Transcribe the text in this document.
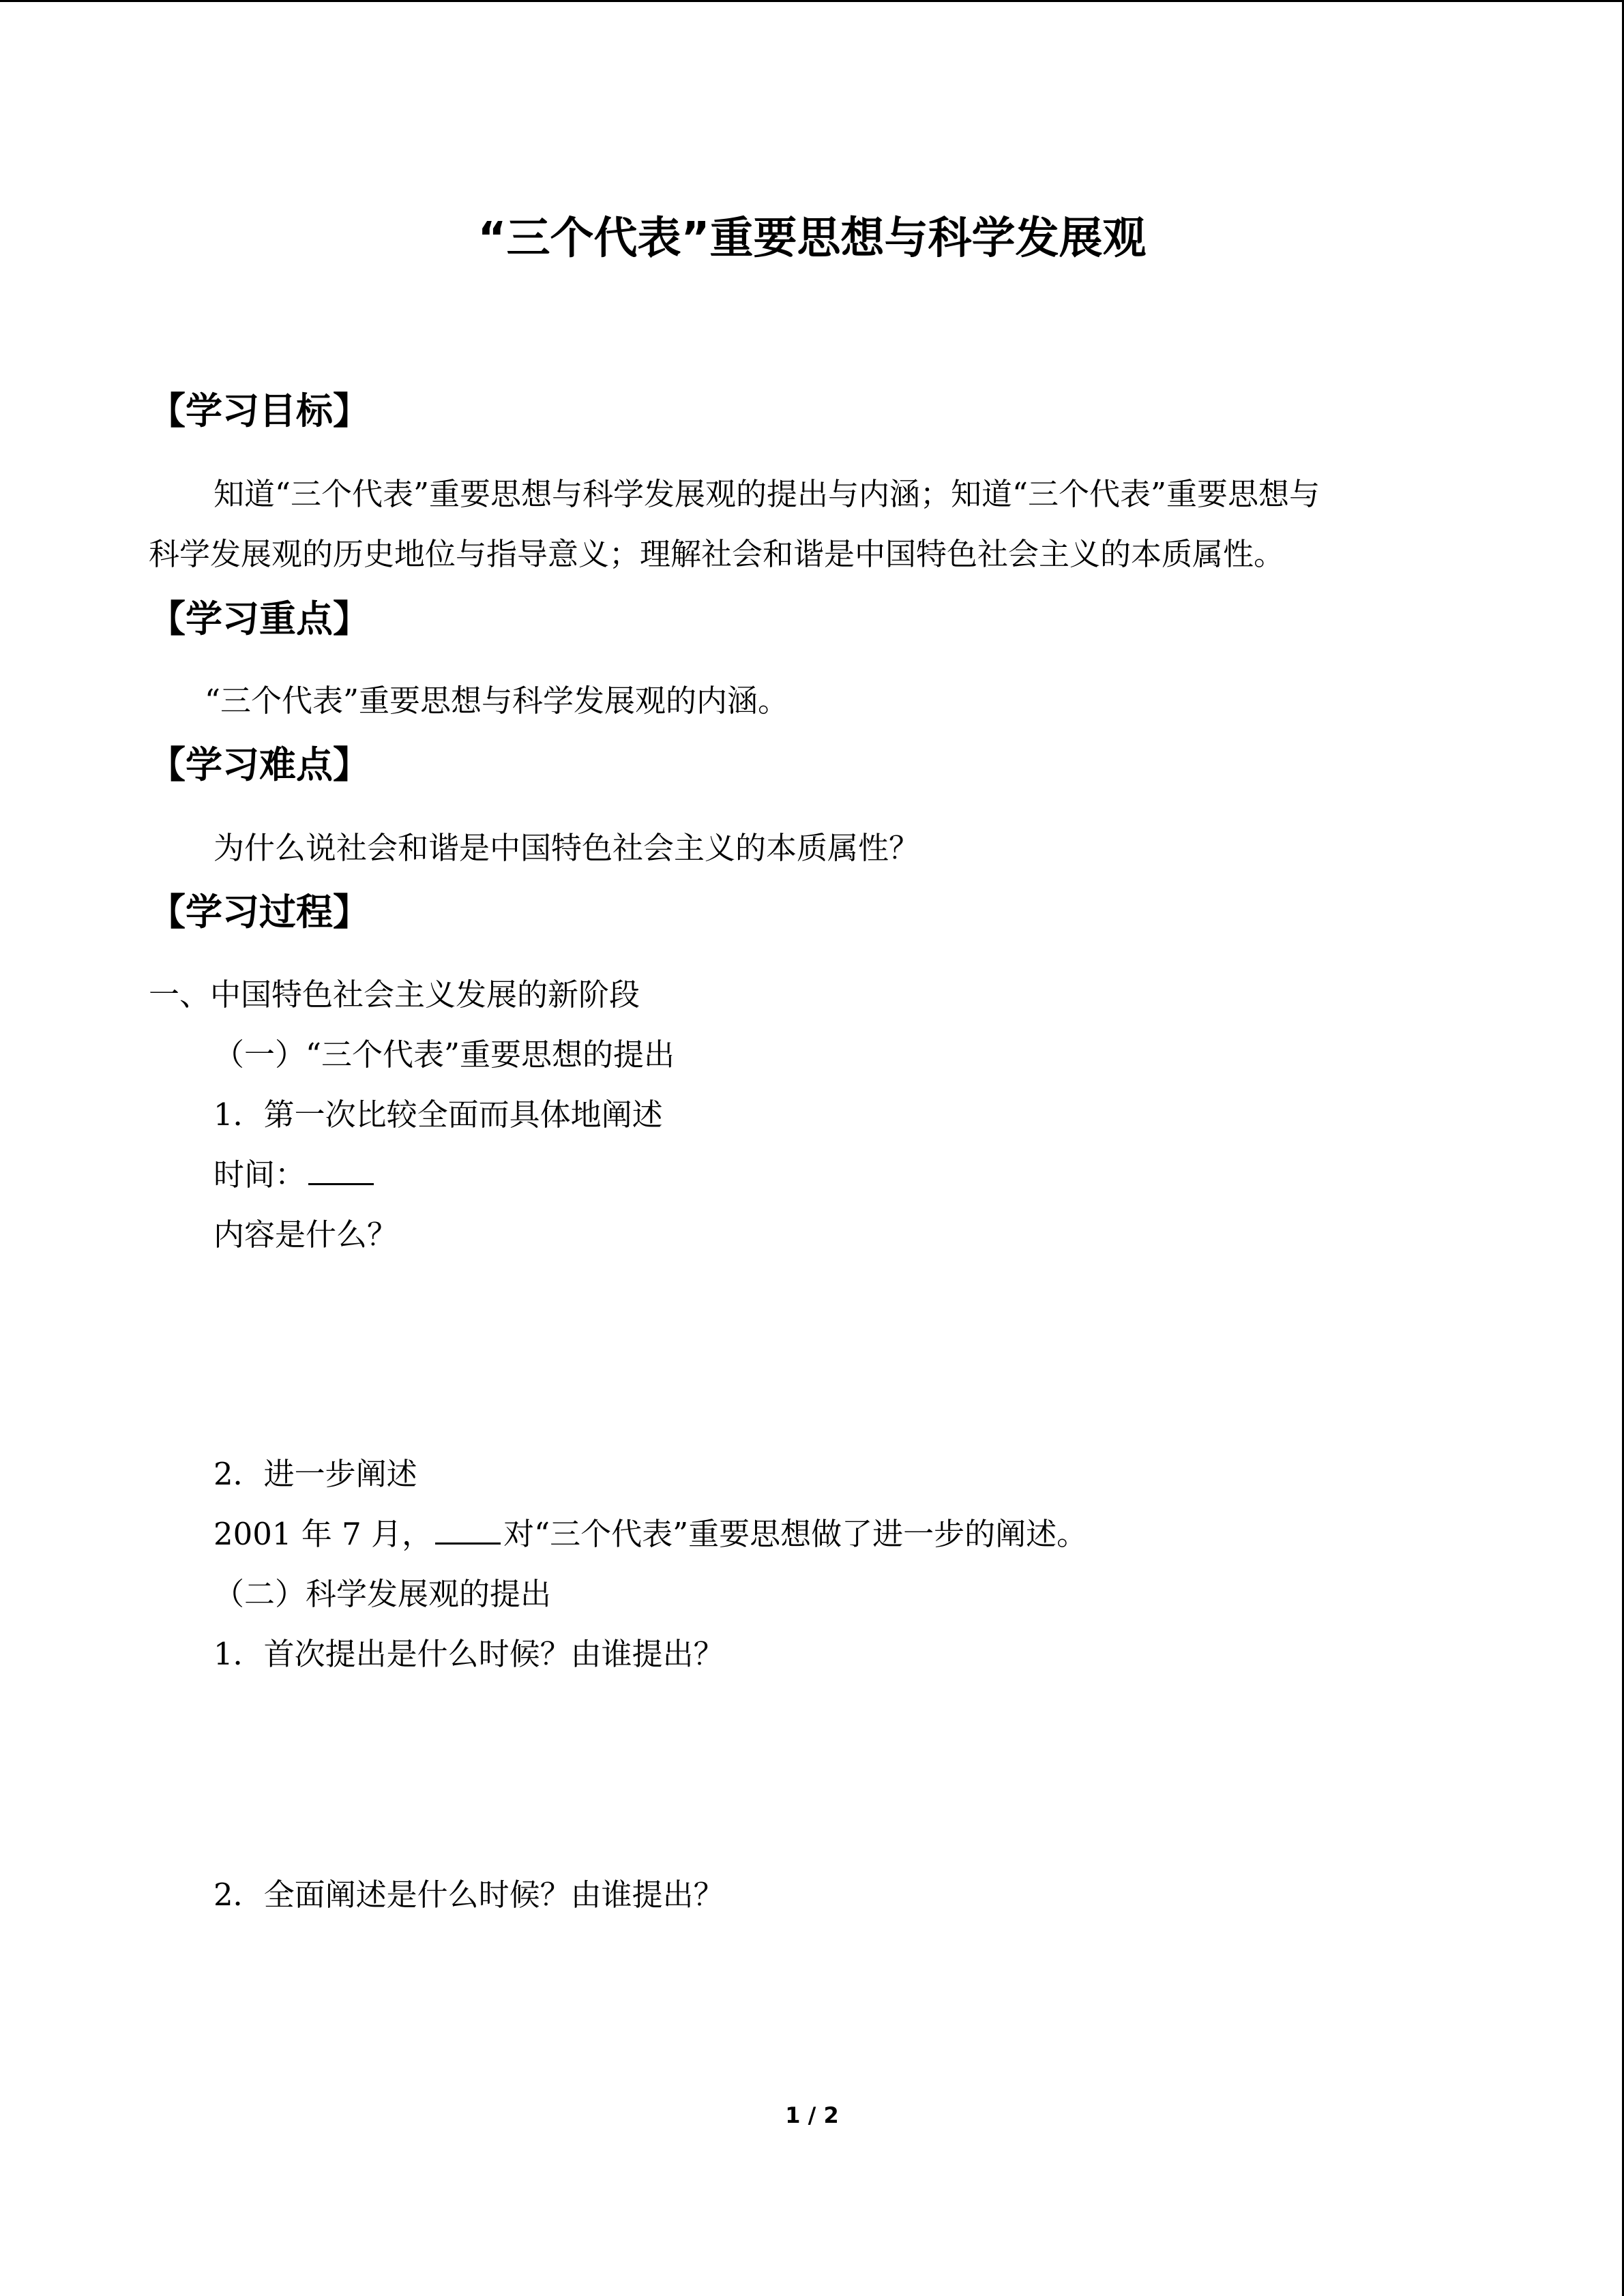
“三个代表”重要思想与科学发展观
【学习目标】
知道“三个代表”重要思想与科学发展观的提出与内涵；知道“三个代表”重要思想与
科学发展观的历史地位与指导意义；理解社会和谐是中国特色社会主义的本质属性。
【学习重点】
“三个代表”重要思想与科学发展观的内涵。
【学习难点】
为什么说社会和谐是中国特色社会主义的本质属性？
【学习过程】
一、中国特色社会主义发展的新阶段
（一）“三个代表”重要思想的提出
1．第一次比较全面而具体地阐述
时间：
内容是什么？
2．进一步阐述
2001 年 7 月， 对“三个代表”重要思想做了进一步的阐述。
（二）科学发展观的提出
1．首次提出是什么时候？由谁提出？
2．全面阐述是什么时候？由谁提出？
1 / 2
